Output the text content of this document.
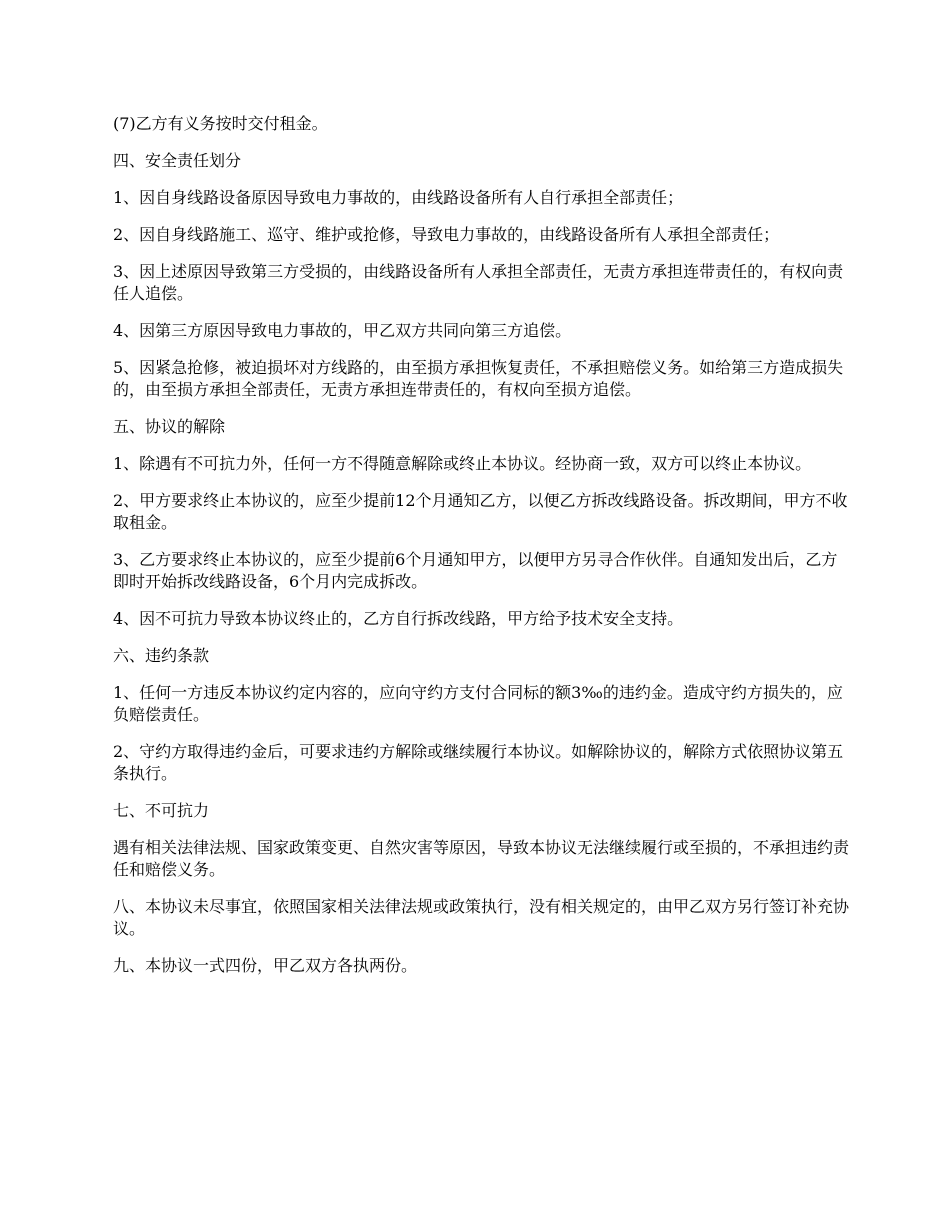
(7)乙方有义务按时交付租金。

四、安全责任划分

1、因自身线路设备原因导致电力事故的，由线路设备所有人自行承担全部责任；

2、因自身线路施工、巡守、维护或抢修，导致电力事故的，由线路设备所有人承担全部责任；

3、因上述原因导致第三方受损的，由线路设备所有人承担全部责任，无责方承担连带责任的，有权向责任人追偿。

4、因第三方原因导致电力事故的，甲乙双方共同向第三方追偿。

5、因紧急抢修，被迫损坏对方线路的，由至损方承担恢复责任，不承担赔偿义务。如给第三方造成损失的，由至损方承担全部责任，无责方承担连带责任的，有权向至损方追偿。

五、协议的解除

1、除遇有不可抗力外，任何一方不得随意解除或终止本协议。经协商一致，双方可以终止本协议。

2、甲方要求终止本协议的，应至少提前12个月通知乙方，以便乙方拆改线路设备。拆改期间，甲方不收取租金。

3、乙方要求终止本协议的，应至少提前6个月通知甲方，以便甲方另寻合作伙伴。自通知发出后，乙方即时开始拆改线路设备，6个月内完成拆改。

4、因不可抗力导致本协议终止的，乙方自行拆改线路，甲方给予技术安全支持。

六、违约条款

1、任何一方违反本协议约定内容的，应向守约方支付合同标的额3‰的违约金。造成守约方损失的，应负赔偿责任。

2、守约方取得违约金后，可要求违约方解除或继续履行本协议。如解除协议的，解除方式依照协议第五条执行。

七、不可抗力

遇有相关法律法规、国家政策变更、自然灾害等原因，导致本协议无法继续履行或至损的，不承担违约责任和赔偿义务。

八、本协议未尽事宜，依照国家相关法律法规或政策执行，没有相关规定的，由甲乙双方另行签订补充协议。

九、本协议一式四份，甲乙双方各执两份。
